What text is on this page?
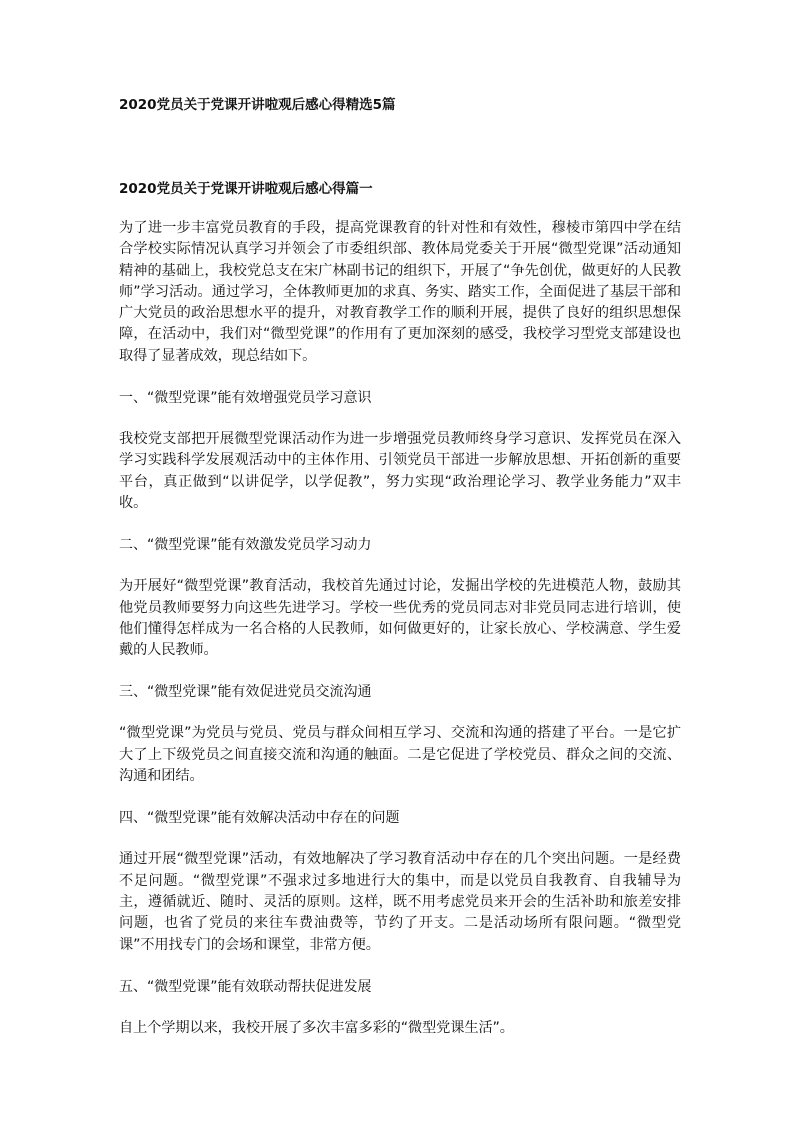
2020党员关于党课开讲啦观后感心得精选5篇
2020党员关于党课开讲啦观后感心得篇一

为了进一步丰富党员教育的手段，提高党课教育的针对性和有效性，穆棱市第四中学在结合学校实际情况认真学习并领会了市委组织部、教体局党委关于开展“微型党课”活动通知精神的基础上，我校党总支在宋广林副书记的组织下，开展了“争先创优，做更好的人民教师”学习活动。通过学习，全体教师更加的求真、务实、踏实工作，全面促进了基层干部和广大党员的政治思想水平的提升，对教育教学工作的顺利开展，提供了良好的组织思想保障，在活动中，我们对“微型党课”的作用有了更加深刻的感受，我校学习型党支部建设也取得了显著成效，现总结如下。

一、“微型党课”能有效增强党员学习意识

我校党支部把开展微型党课活动作为进一步增强党员教师终身学习意识、发挥党员在深入学习实践科学发展观活动中的主体作用、引领党员干部进一步解放思想、开拓创新的重要平台，真正做到“以讲促学，以学促教”，努力实现“政治理论学习、教学业务能力”双丰收。

二、“微型党课”能有效激发党员学习动力

为开展好“微型党课”教育活动，我校首先通过讨论，发掘出学校的先进模范人物，鼓励其他党员教师要努力向这些先进学习。学校一些优秀的党员同志对非党员同志进行培训，使他们懂得怎样成为一名合格的人民教师，如何做更好的，让家长放心、学校满意、学生爱戴的人民教师。

三、“微型党课”能有效促进党员交流沟通

“微型党课”为党员与党员、党员与群众间相互学习、交流和沟通的搭建了平台。一是它扩大了上下级党员之间直接交流和沟通的触面。二是它促进了学校党员、群众之间的交流、沟通和团结。

四、“微型党课”能有效解决活动中存在的问题

通过开展“微型党课”活动，有效地解决了学习教育活动中存在的几个突出问题。一是经费不足问题。“微型党课”不强求过多地进行大的集中，而是以党员自我教育、自我辅导为主，遵循就近、随时、灵活的原则。这样，既不用考虑党员来开会的生活补助和旅差安排问题，也省了党员的来往车费油费等，节约了开支。二是活动场所有限问题。“微型党课”不用找专门的会场和课堂，非常方便。

五、“微型党课”能有效联动帮扶促进发展

自上个学期以来，我校开展了多次丰富多彩的“微型党课生活”。
